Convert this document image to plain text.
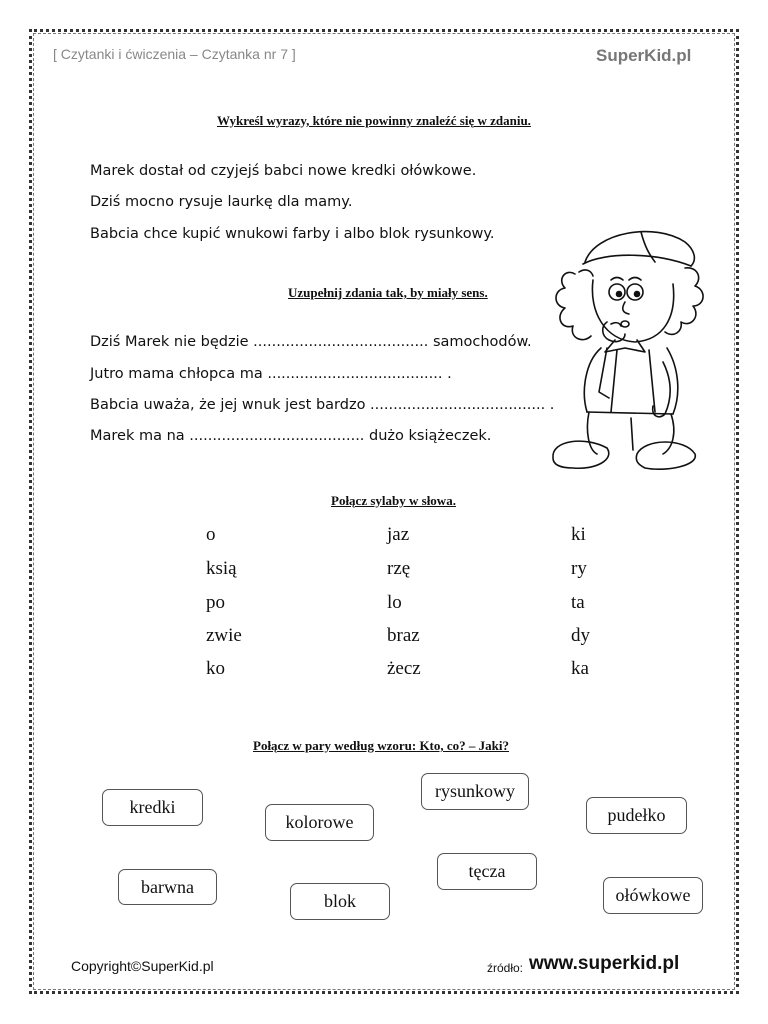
[ Czytanki i ćwiczenia – Czytanka nr 7 ]	SuperKid.pl
Wykreśl wyrazy, które nie powinny znaleźć się w zdaniu.
Marek dostał od czyjejś babci nowe kredki ołówkowe.
Dziś mocno rysuje laurkę dla mamy.
Babcia chce kupić wnukowi farby i albo blok rysunkowy.
Uzupełnij zdania tak, by miały sens.
Dziś Marek nie będzie ...................................... samochodów.
Jutro mama chłopca ma ...................................... .
Babcia uważa, że jej wnuk jest bardzo ...................................... .
Marek ma na ...................................... dużo książeczek.
Połącz sylaby w słowa.
o
ksią
po
zwie
ko
jaz
rzę
lo
braz
żecz
ki
ry
ta
dy
ka
Połącz w pary według wzoru: Kto, co? – Jaki?
kredki
kolorowe
rysunkowy
pudełko
barwna
blok
tęcza
ołówkowe
Copyright©SuperKid.pl	źródło: www.superkid.pl
